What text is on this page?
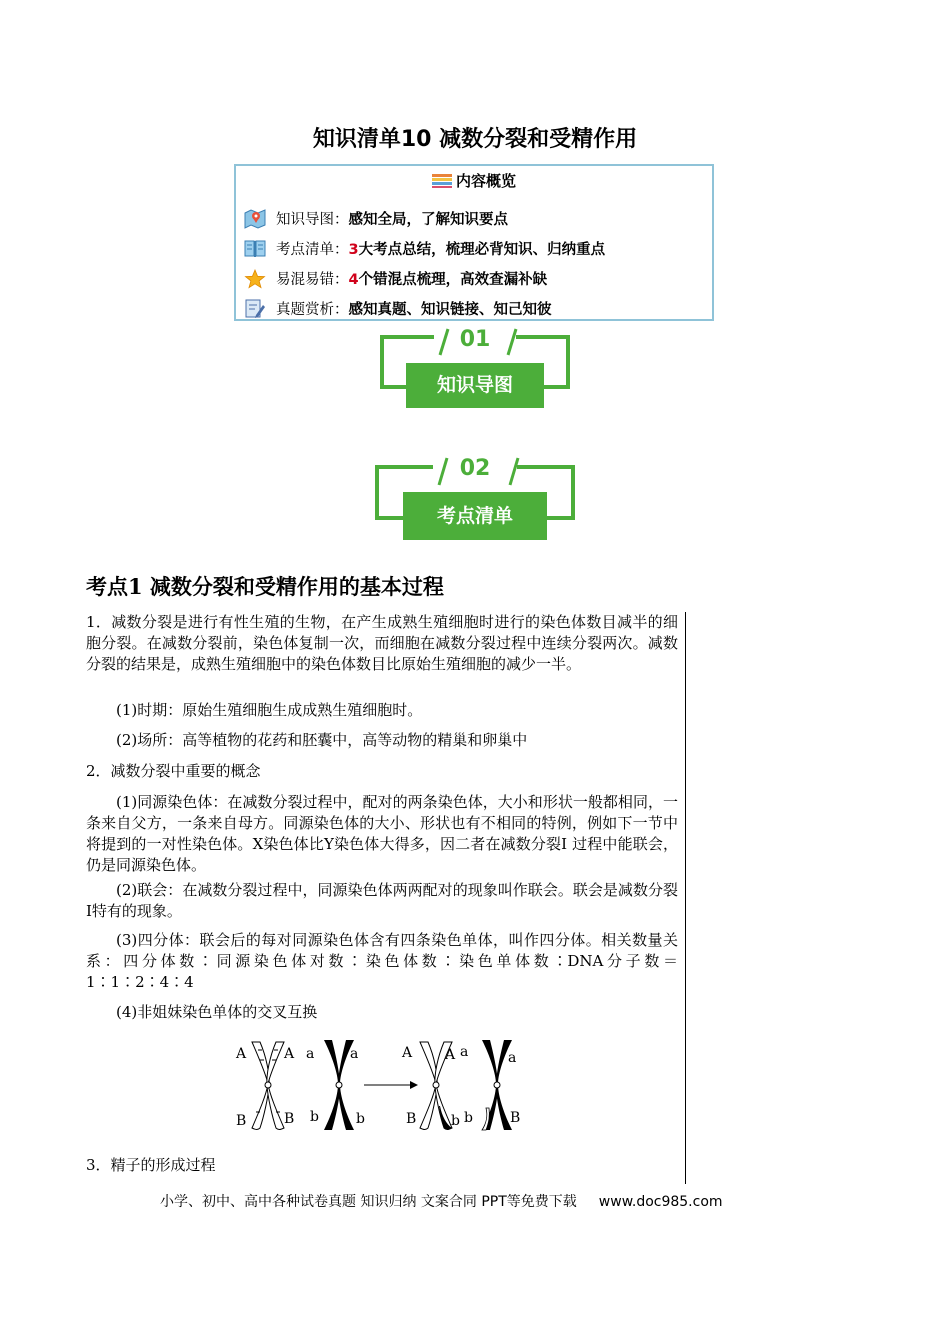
知识清单10 减数分裂和受精作用
内容概览
知识导图：感知全局，了解知识要点
考点清单：3大考点总结，梳理必背知识、归纳重点
易混易错：4个错混点梳理，高效查漏补缺
真题赏析：感知真题、知识链接、知己知彼
01
知识导图
02
考点清单
考点1 减数分裂和受精作用的基本过程
1．减数分裂是进行有性生殖的生物，在产生成熟生殖细胞时进行的染色体数目减半的细胞分裂。在减数分裂前，染色体复制一次，而细胞在减数分裂过程中连续分裂两次。减数分裂的结果是，成熟生殖细胞中的染色体数目比原始生殖细胞的减少一半。
(1)时期：原始生殖细胞生成成熟生殖细胞时。
(2)场所：高等植物的花药和胚囊中，高等动物的精巢和卵巢中
2．减数分裂中重要的概念
(1)同源染色体：在减数分裂过程中，配对的两条染色体，大小和形状一般都相同，一条来自父方，一条来自母方。同源染色体的大小、形状也有不相同的特例，例如下一节中将提到的一对性染色体。X染色体比Y染色体大得多，因二者在减数分裂Ⅰ 过程中能联会，仍是同源染色体。
(2)联会：在减数分裂过程中，同源染色体两两配对的现象叫作联会。联会是减数分裂Ⅰ特有的现象。
(3)四分体：联会后的每对同源染色体含有四条染色单体，叫作四分体。相关数量关系：四分体数∶同源染色体对数∶染色体数∶染色单体数∶DNA分子数＝1∶1∶2∶4∶4
(4)非姐妹染色单体的交叉互换
A	A
B	B
a	a
b	b
A A
B b
a	a
b	B
3．精子的形成过程
小学、初中、高中各种试卷真题 知识归纳 文案合同 PPT等免费下载 www.doc985.com
